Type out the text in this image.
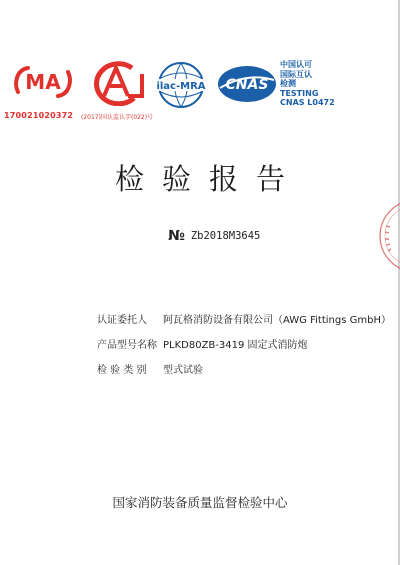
MA
CAL
ilac-MRA CNAS
中国认可
国际互认
检测
TESTING
CNAS L0472
170021020372 (2017)国认监认字(022)号
检验报告
№ Zb2018M3645
认证委托人 阿瓦格消防设备有限公司（AWG Fittings GmbH）
产品型号名称 PLKD80ZB-3419 固定式消防炮
检 验 类 别 型式试验
国家消防装备质量监督检验中心
